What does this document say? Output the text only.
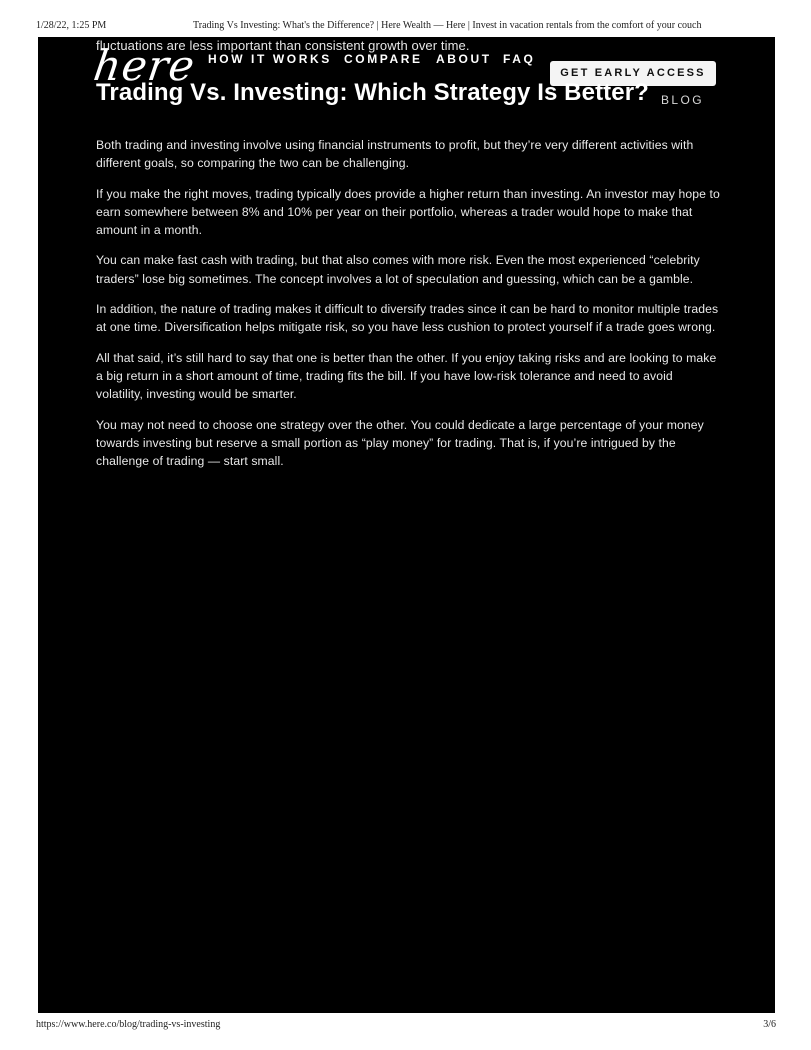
1/28/22, 1:25 PM	Trading Vs Investing: What's the Difference? | Here Wealth — Here | Invest in vacation rentals from the comfort of your couch
fluctuations are less important than consistent growth over time.
here HOW IT WORKS COMPARE ABOUT FAQ
BLOG
GET EARLY ACCESS
Trading Vs. Investing: Which Strategy Is Better?

Both trading and investing involve using financial instruments to profit, but they’re very different activities with different goals, so comparing the two can be challenging.

If you make the right moves, trading typically does provide a higher return than investing. An investor may hope to earn somewhere between 8% and 10% per year on their portfolio, whereas a trader would hope to make that amount in a month.

You can make fast cash with trading, but that also comes with more risk. Even the most experienced “celebrity traders” lose big sometimes. The concept involves a lot of speculation and guessing, which can be a gamble.

In addition, the nature of trading makes it difficult to diversify trades since it can be hard to monitor multiple trades at one time. Diversification helps mitigate risk, so you have less cushion to protect yourself if a trade goes wrong.

All that said, it’s still hard to say that one is better than the other. If you enjoy taking risks and are looking to make a big return in a short amount of time, trading fits the bill. If you have low-risk tolerance and need to avoid volatility, investing would be smarter.

You may not need to choose one strategy over the other. You could dedicate a large percentage of your money towards investing but reserve a small portion as “play money” for trading. That is, if you’re intrigued by the challenge of trading — start small.

https://www.here.co/blog/trading-vs-investing	3/6
